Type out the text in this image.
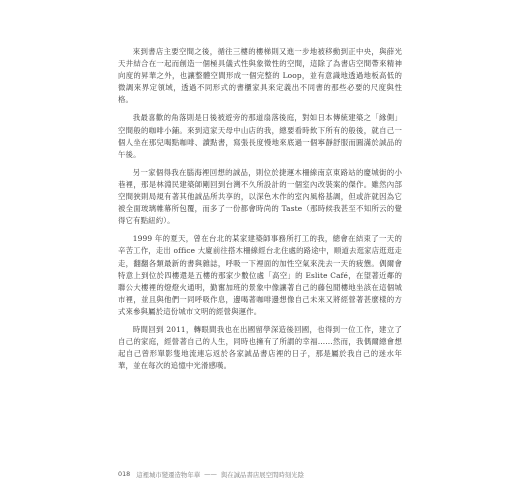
來到書店主要空間之後，循往三樓的樓梯則又進一步地被移動到正中央，與薛光天井結合在一起而創造一個極具儀式性與象徵性的空間，這除了為書店空間帶來精神向度的昇華之外，也讓整體空間形成一個完整的 Loop，並有意識地透過地板高低的微調來界定領域，透過不同形式的書櫃家具來定義出不同書的那些必要的尺度與性格。

我最喜歡的角落則是日後被遊旁的那道扇落後庭，對如日本傳統建築之「緣側」空間般的咖啡小鋪。來到這家天母中山店的我，總要看時飲下所有的般後，就自己一個人坐在那兒喝點咖啡、讀點書，寫張長度慢地來底過一個寧靜舒服而圓滿於誠品的午後。

另一家個得我在腦海裡回想的誠品，則位於捷運木柵線南京東路站的慶城街的小巷裡，那是林淵民建築師剛回到台灣不久所設計的一個室內改裝案的傑作。雖然內部空間狹則局規有著其他誠品所共享的，以深色木作的室內風格基調，但或許就因為它被全面玻璃帷幕所包覆，而多了一份都會時尚的 Taste（那時候我甚至不知所云的覺得它有點紐約）。

1999 年的夏天，曾在台北的某家建築師事務所打工的我，總會在結束了一天的辛苦工作，走出 office 大廈前往搭木柵線經台北住處的路途中，順道去逛家店逛逛走走，翻翻各類最新的書與雜誌，呼吸一下裡面的加性空氣來洗去一天的疲憊。偶爾會特意上到位於四樓還是五樓的那家少數位處「高空」的 Eslite Café，在望著近鄰的聯公大樓裡的燈燈火通明，勤奮加班的景象中像讓著自己的藤包閒樓地坐該在這個城市裡，並且與他們一同呼吸作息，邊喝著咖啡邊想像自己未來又將經營著甚麼樣的方式來參與屬於這份城市文明的經營與運作。

時間回到 2011，轉眼間我也在出國留學深造後回國，也得到一位工作，建立了自己的家庭，經營著自己的人生，同時也擁有了所謂的幸福……然而，我偶爾總會想起自己曾形單影隻地流連忘返於各家誠品書店裡的日子，那是屬於我自己的迷水年華，並在每次的追憶中光滑感嘆。

018 這裡城市變遷造物年華 —— 與在誠品書店展空間時刻光陰
